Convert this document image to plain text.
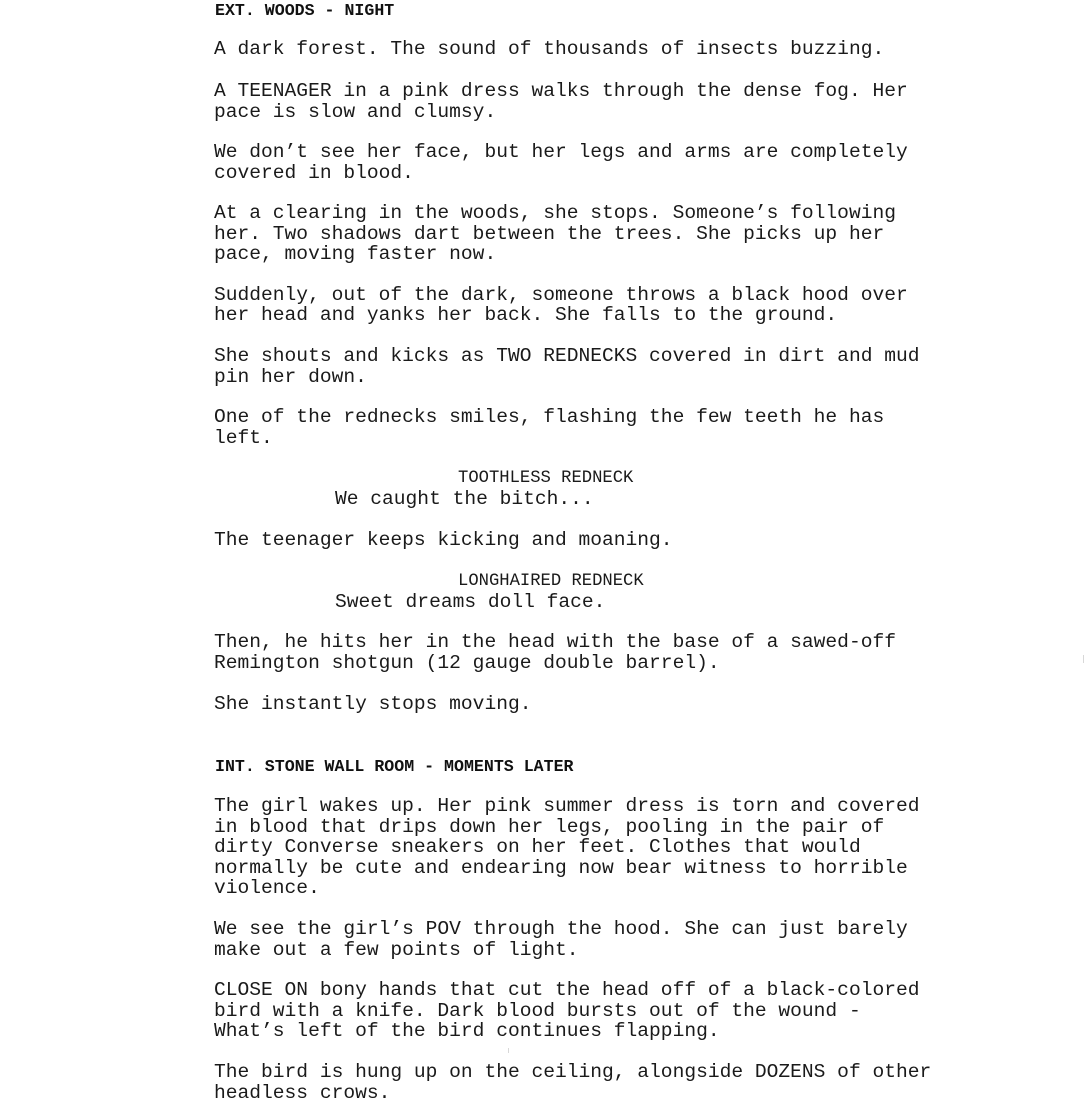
EXT. WOODS - NIGHT

A dark forest. The sound of thousands of insects buzzing.

A TEENAGER in a pink dress walks through the dense fog. Her

pace is slow and clumsy.

We don’t see her face, but her legs and arms are completely

covered in blood.

At a clearing in the woods, she stops. Someone’s following

her. Two shadows dart between the trees. She picks up her

pace, moving faster now.

Suddenly, out of the dark, someone throws a black hood over

her head and yanks her back. She falls to the ground.

She shouts and kicks as TWO REDNECKS covered in dirt and mud

pin her down.

One of the rednecks smiles, flashing the few teeth he has

left.

TOOTHLESS REDNECK

We caught the bitch...

The teenager keeps kicking and moaning.

LONGHAIRED REDNECK

Sweet dreams doll face.

Then, he hits her in the head with the base of a sawed-off

Remington shotgun (12 gauge double barrel).

She instantly stops moving.

INT. STONE WALL ROOM - MOMENTS LATER

The girl wakes up. Her pink summer dress is torn and covered

in blood that drips down her legs, pooling in the pair of

dirty Converse sneakers on her feet. Clothes that would

normally be cute and endearing now bear witness to horrible

violence.

We see the girl’s POV through the hood. She can just barely

make out a few points of light.

CLOSE ON bony hands that cut the head off of a black-colored

bird with a knife. Dark blood bursts out of the wound -

What’s left of the bird continues flapping.

The bird is hung up on the ceiling, alongside DOZENS of other

headless crows.
